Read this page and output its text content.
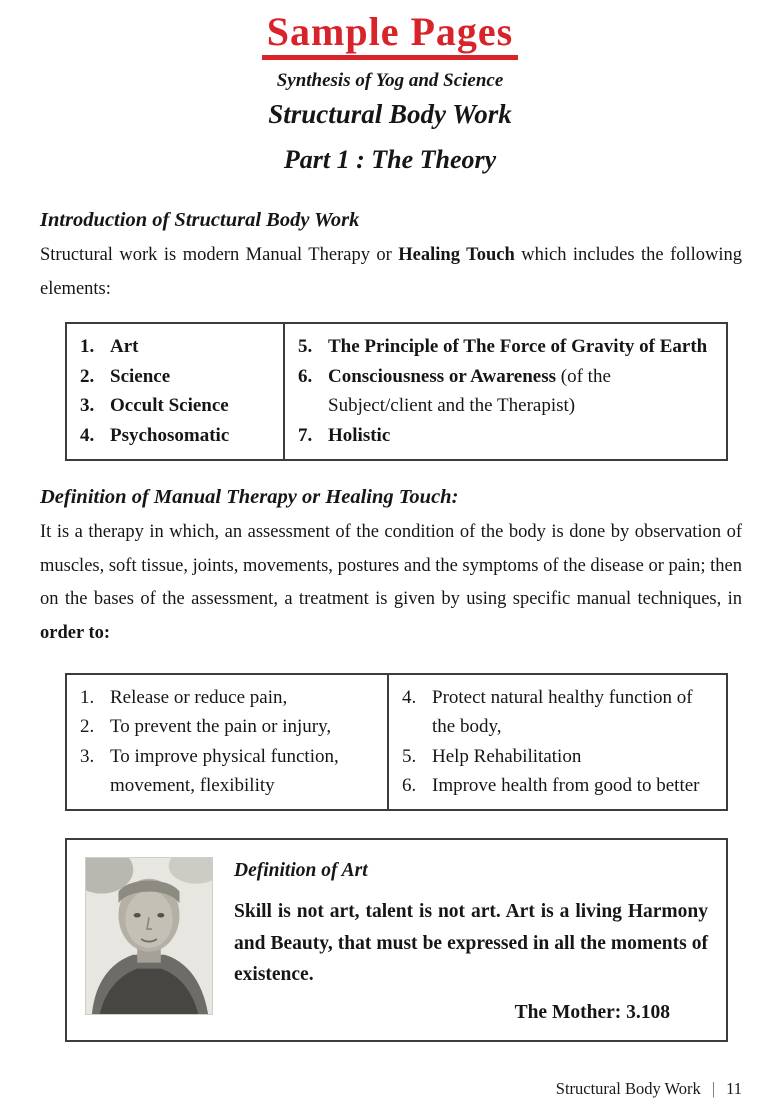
Sample Pages
Synthesis of Yog and Science
Structural Body Work
Part 1 : The Theory
Introduction of Structural Body Work

Structural work is modern Manual Therapy or Healing Touch which includes the following elements:

1. Art
2. Science
3. Occult Science
4. Psychosomatic
5. The Principle of The Force of Gravity of Earth
6. Consciousness or Awareness (of the Subject/client and the Therapist)
7. Holistic
Definition of Manual Therapy or Healing Touch:

It is a therapy in which, an assessment of the condition of the body is done by observation of muscles, soft tissue, joints, movements, postures and the symptoms of the disease or pain; then on the bases of the assessment, a treatment is given by using specific manual techniques, in order to:

1. Release or reduce pain,
2. To prevent the pain or injury,
3. To improve physical function, movement, flexibility
4. Protect natural healthy function of the body,
5. Help Rehabilitation
6. Improve health from good to better
Definition of Art
Skill is not art, talent is not art. Art is a living Harmony and Beauty, that must be expressed in all the moments of existence.
The Mother: 3.108
Structural Body Work | 11
